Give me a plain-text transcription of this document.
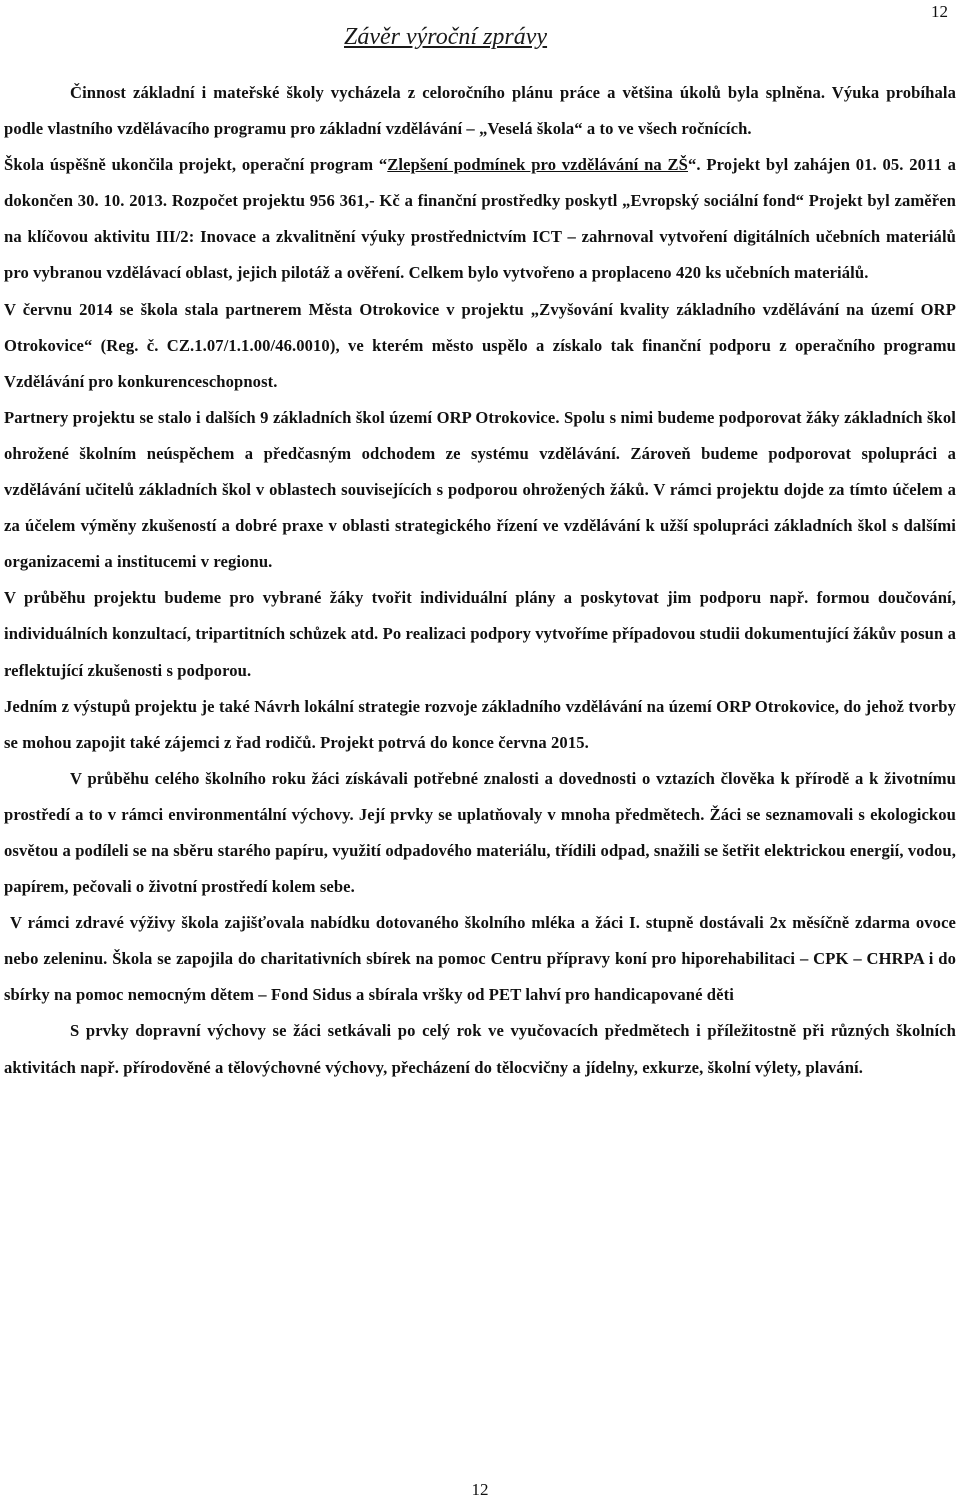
12
Závěr výroční zprávy

Činnost základní i mateřské školy vycházela z celoročního plánu práce a většina úkolů byla splněna. Výuka probíhala podle vlastního vzdělávacího programu pro základní vzdělávání – „Veselá škola“ a to ve všech ročnících.

Škola úspěšně ukončila projekt, operační program “Zlepšení podmínek pro vzdělávání na ZŠ“. Projekt byl zahájen 01. 05. 2011 a dokončen 30. 10. 2013. Rozpočet projektu 956 361,- Kč a finanční prostředky poskytl „Evropský sociální fond“ Projekt byl zaměřen na klíčovou aktivitu III/2: Inovace a zkvalitnění výuky prostřednictvím ICT – zahrnoval vytvoření digitálních učebních materiálů pro vybranou vzdělávací oblast, jejich pilotáž a ověření. Celkem bylo vytvořeno a proplaceno 420 ks učebních materiálů.

V červnu 2014 se škola stala partnerem Města Otrokovice v projektu „Zvyšování kvality základního vzdělávání na území ORP Otrokovice“ (Reg. č. CZ.1.07/1.1.00/46.0010), ve kterém město uspělo a získalo tak finanční podporu z operačního programu Vzdělávání pro konkurenceschopnost.

Partnery projektu se stalo i dalších 9 základních škol území ORP Otrokovice. Spolu s nimi budeme podporovat žáky základních škol ohrožené školním neúspěchem a předčasným odchodem ze systému vzdělávání. Zároveň budeme podporovat spolupráci a vzdělávání učitelů základních škol v oblastech souvisejících s podporou ohrožených žáků. V rámci projektu dojde za tímto účelem a za účelem výměny zkušeností a dobré praxe v oblasti strategického řízení ve vzdělávání k užší spolupráci základních škol s dalšími organizacemi a institucemi v regionu.

V průběhu projektu budeme pro vybrané žáky tvořit individuální plány a poskytovat jim podporu např. formou doučování, individuálních konzultací, tripartitních schůzek atd. Po realizaci podpory vytvoříme případovou studii dokumentující žákův posun a reflektující zkušenosti s podporou.

Jedním z výstupů projektu je také Návrh lokální strategie rozvoje základního vzdělávání na území ORP Otrokovice, do jehož tvorby se mohou zapojit také zájemci z řad rodičů. Projekt potrvá do konce června 2015.

V průběhu celého školního roku žáci získávali potřebné znalosti a dovednosti o vztazích člověka k přírodě a k životnímu prostředí a to v rámci environmentální výchovy. Její prvky se uplatňovaly v mnoha předmětech. Žáci se seznamovali s ekologickou osvětou a podíleli se na sběru starého papíru, využití odpadového materiálu, třídili odpad, snažili se šetřit elektrickou energií, vodou, papírem, pečovali o životní prostředí kolem sebe.

V rámci zdravé výživy škola zajišťovala nabídku dotovaného školního mléka a žáci I. stupně dostávali 2x měsíčně zdarma ovoce nebo zeleninu. Škola se zapojila do charitativních sbírek na pomoc Centru přípravy koní pro hiporehabilitaci – CPK – CHRPA i do sbírky na pomoc nemocným dětem – Fond Sidus a sbírala vršky od PET lahví pro handicapované děti

S prvky dopravní výchovy se žáci setkávali po celý rok ve vyučovacích předmětech i příležitostně při různých školních aktivitách např. přírodověné a tělovýchovné výchovy, přecházení do tělocvičny a jídelny, exkurze, školní výlety, plavání.

12
